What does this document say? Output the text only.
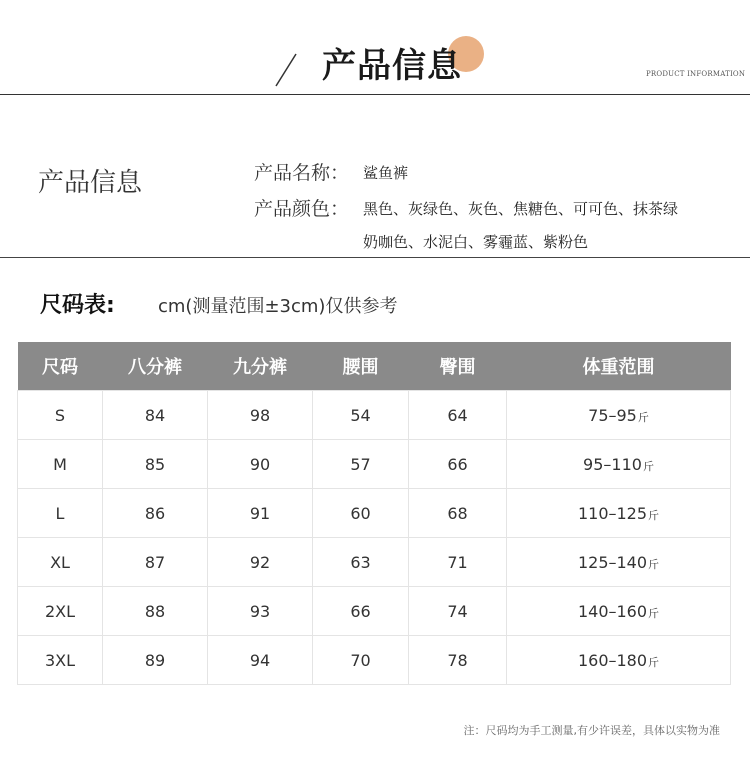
产品信息	PRODUCT INFORMATION
产品信息	产品名称： 鲨鱼裤
产品颜色： 黑色、灰绿色、灰色、焦糖色、可可色、抹茶绿
奶咖色、水泥白、雾霾蓝、紫粉色
尺码表: cm(测量范围±3cm)仅供参考
尺码	八分裤	九分裤	腰围	臀围	体重范围
S	84	98	54	64	75–95斤
M	85	90	57	66	95–110斤
L	86	91	60	68	110–125斤
XL	87	92	63	71	125–140斤
2XL	88	93	66	74	140–160斤
3XL	89	94	70	78	160–180斤
注：尺码均为手工测量,有少许误差，具体以实物为准
